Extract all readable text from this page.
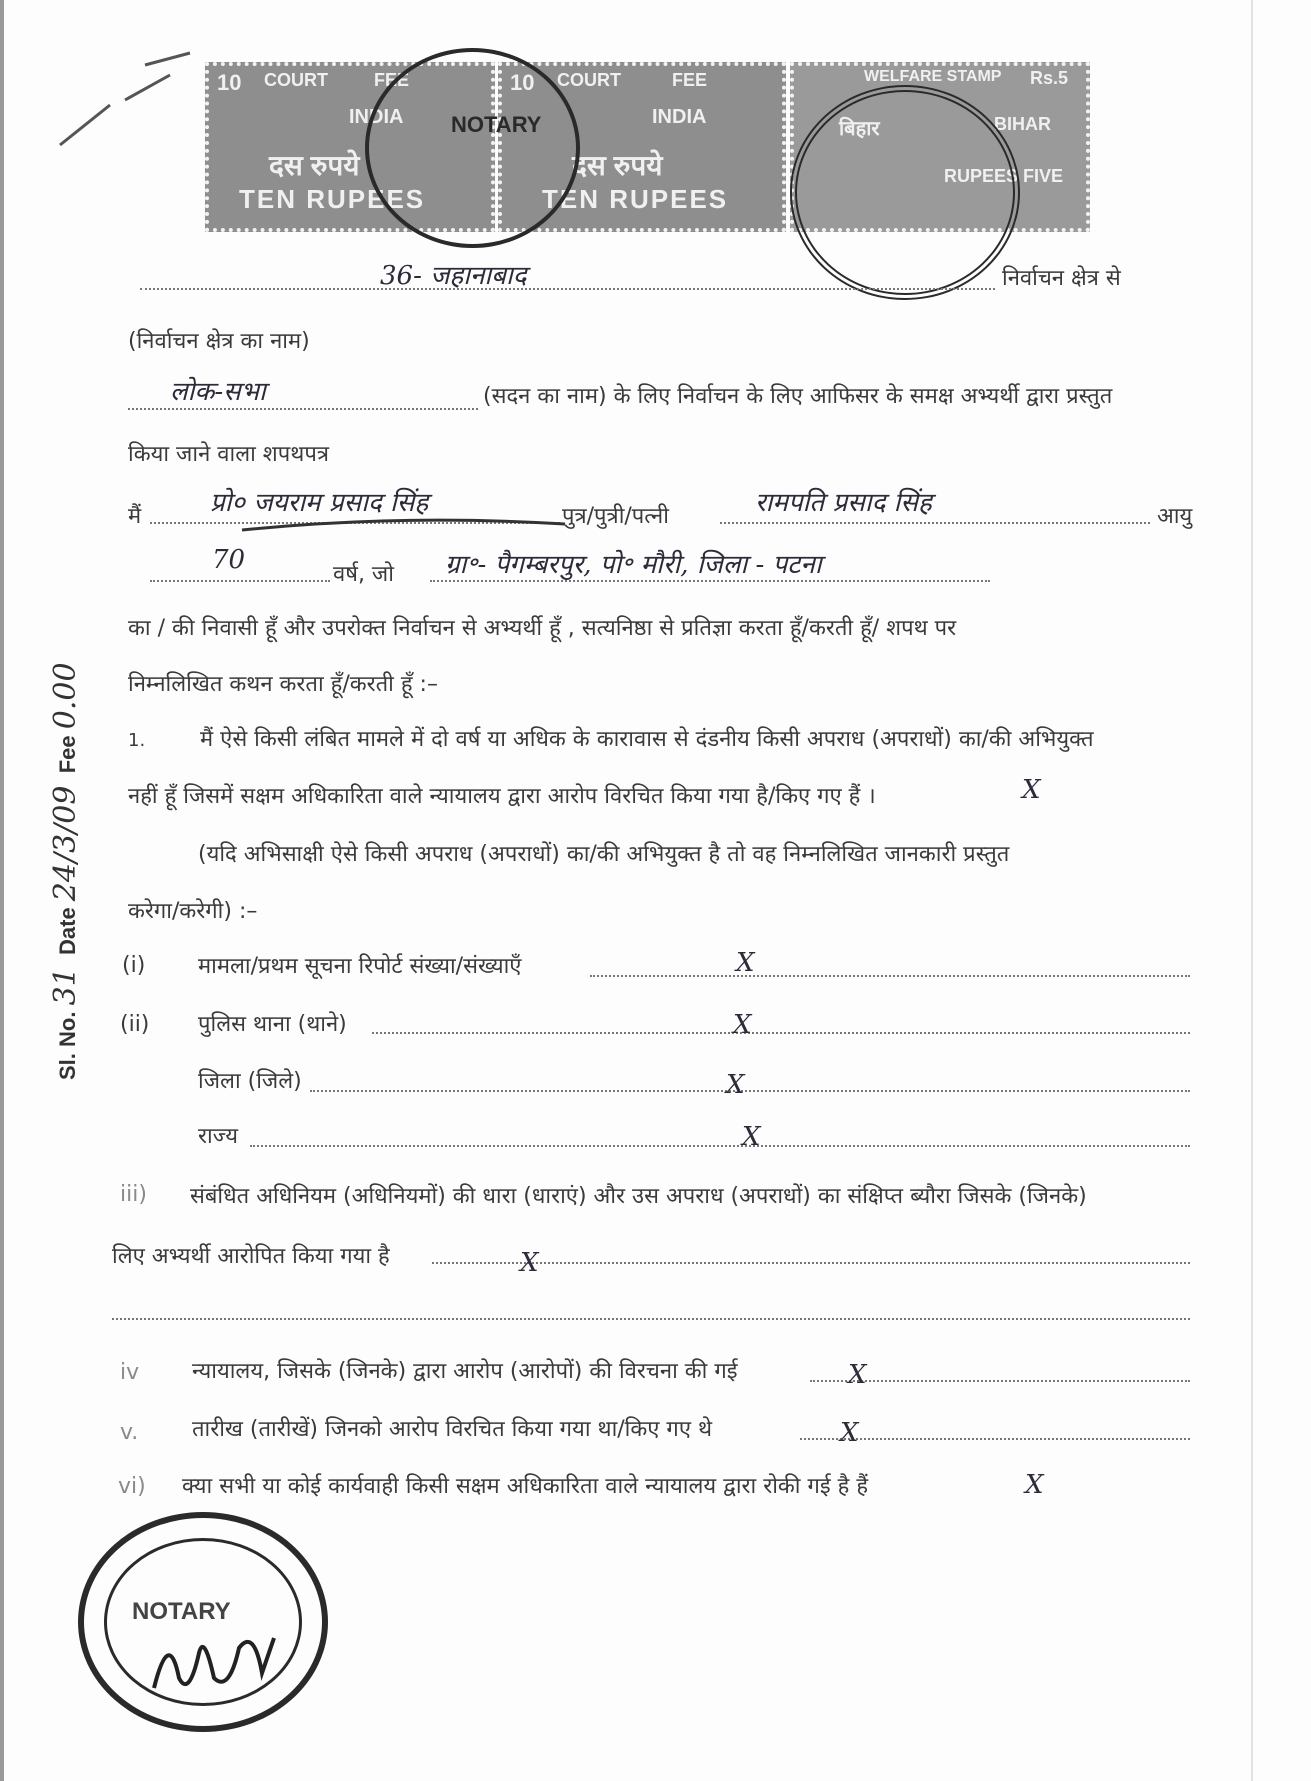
10 COURT	FEE
INDIA
दस रुपये
TEN RUPEES
10 COURT	FEE
INDIA
दस रुपये
TEN RUPEES
WELFARE STAMP Rs.5
बिहार	BIHAR
RUPEES FIVE
NOTARY
36- जहानाबाद	निर्वाचन क्षेत्र से
(निर्वाचन क्षेत्र का नाम)
लोक-सभा	(सदन का नाम) के लिए निर्वाचन के लिए आफिसर के समक्ष अभ्यर्थी द्वारा प्रस्तुत
किया जाने वाला शपथपत्र
मैं	प्रो० जयराम प्रसाद सिंह	पुत्र/पुत्री/पत्नी	रामपति प्रसाद सिंह	आयु
70	वर्ष, जो ग्रा॰- पैगम्बरपुर, पो॰ मौरी, जिला - पटना
का / की निवासी हूँ और उपरोक्त निर्वाचन से अभ्यर्थी हूँ , सत्यनिष्ठा से प्रतिज्ञा करता हूँ/करती हूँ/ शपथ पर
निम्नलिखित कथन करता हूँ/करती हूँ :–
1. मैं ऐसे किसी लंबित मामले में दो वर्ष या अधिक के कारावास से दंडनीय किसी अपराध (अपराधों) का/की अभियुक्त
नहीं हूँ जिसमें सक्षम अधिकारिता वाले न्यायालय द्वारा आरोप विरचित किया गया है/किए गए हैं ।	X
(यदि अभिसाक्षी ऐसे किसी अपराध (अपराधों) का/की अभियुक्त है तो वह निम्नलिखित जानकारी प्रस्तुत
करेगा/करेगी) :–
(i) मामला/प्रथम सूचना रिपोर्ट संख्या/संख्याएँ	X
(ii) पुलिस थाना (थाने)	X
जिला (जिले)	X
राज्य	X
iii) संबंधित अधिनियम (अधिनियमों) की धारा (धाराएं) और उस अपराध (अपराधों) का संक्षिप्त ब्यौरा जिसके (जिनके)
लिए अभ्यर्थी आरोपित किया गया है	X
iv न्यायालय, जिसके (जिनके) द्वारा आरोप (आरोपों) की विरचना की गई	X
v. तारीख (तारीखें) जिनको आरोप विरचित किया गया था/किए गए थे	X
vi) क्या सभी या कोई कार्यवाही किसी सक्षम अधिकारिता वाले न्यायालय द्वारा रोकी गई है हैं	X
Sl. No. 31  Date 24/3/09  Fee 0.00
NOTARY
